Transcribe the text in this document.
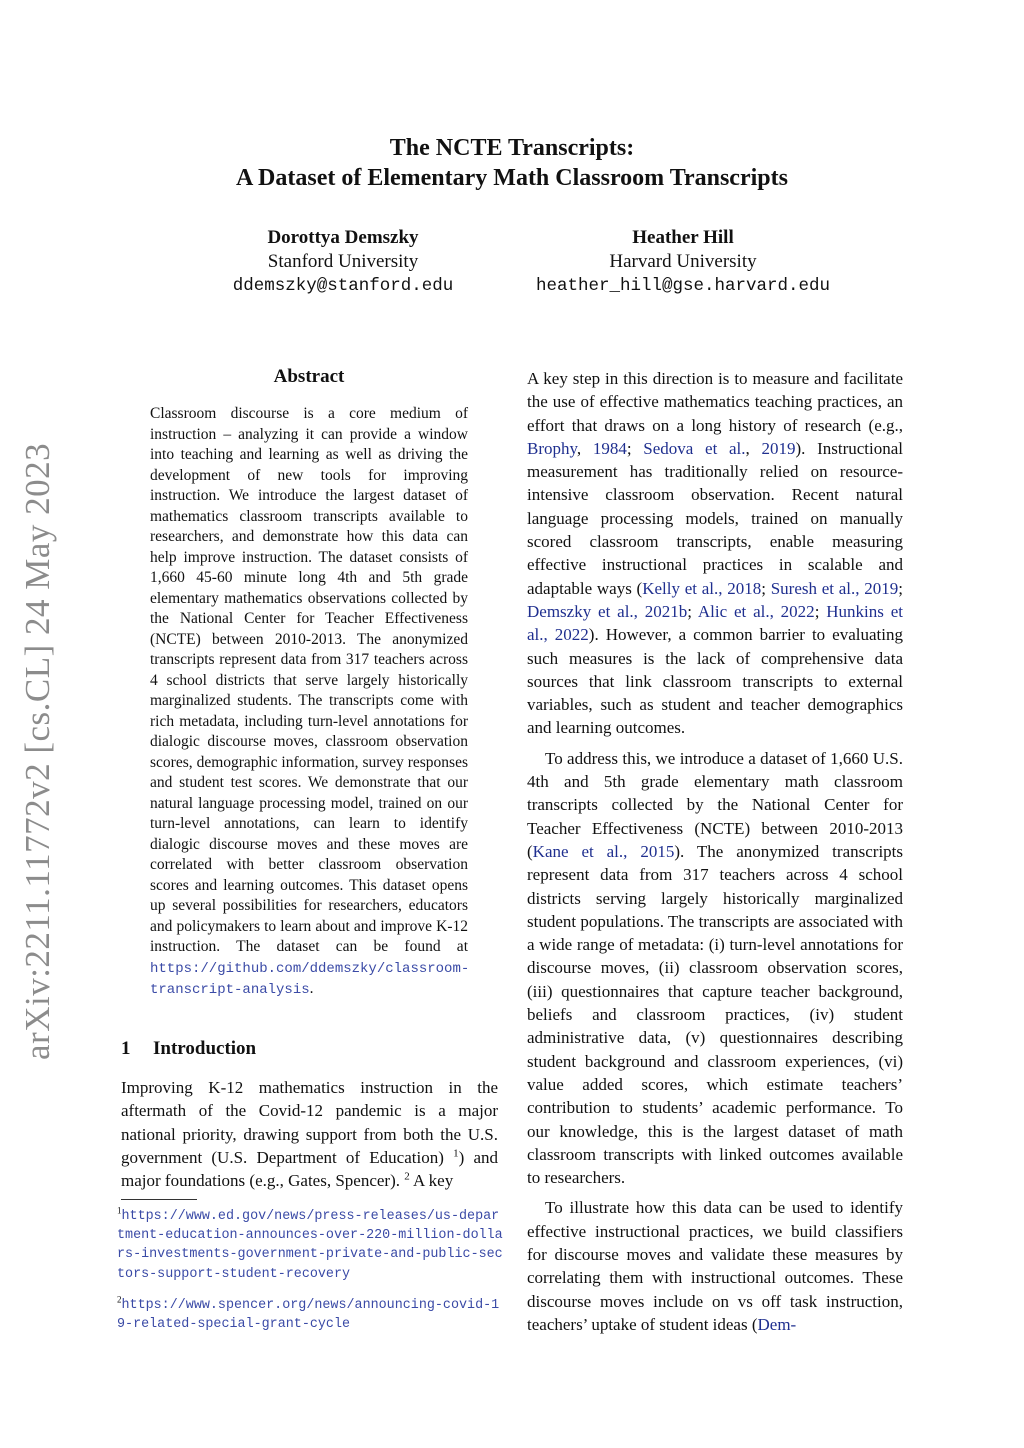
arXiv:2211.11772v2 [cs.CL] 24 May 2023
The NCTE Transcripts:
A Dataset of Elementary Math Classroom Transcripts
Dorottya Demszky
Stanford University
ddemszky@stanford.edu
Heather Hill
Harvard University
heather_hill@gse.harvard.edu
Abstract
Classroom discourse is a core medium of instruction – analyzing it can provide a window into teaching and learning as well as driving the development of new tools for improving instruction. We introduce the largest dataset of mathematics classroom transcripts available to researchers, and demonstrate how this data can help improve instruction. The dataset consists of 1,660 45-60 minute long 4th and 5th grade elementary mathematics observations collected by the National Center for Teacher Effectiveness (NCTE) between 2010-2013. The anonymized transcripts represent data from 317 teachers across 4 school districts that serve largely historically marginalized students. The transcripts come with rich metadata, including turn-level annotations for dialogic discourse moves, classroom observation scores, demographic information, survey responses and student test scores. We demonstrate that our natural language processing model, trained on our turn-level annotations, can learn to identify dialogic discourse moves and these moves are correlated with better classroom observation scores and learning outcomes. This dataset opens up several possibilities for researchers, educators and policymakers to learn about and improve K-12 instruction. The dataset can be found at https://github.com/ddemszky/classroom-transcript-analysis.
1 Introduction
Improving K-12 mathematics instruction in the aftermath of the Covid-12 pandemic is a major national priority, drawing support from both the U.S. government (U.S. Department of Education) $^1$) and major foundations (e.g., Gates, Spencer). $^2$ A key
$^1$https://www.ed.gov/news/press-releases/us-department-education-announces-over-220-million-dollars-investments-government-private-and-public-sectors-support-student-recovery
$^2$https://www.spencer.org/news/announcing-covid-19-related-special-grant-cycle

A key step in this direction is to measure and facilitate the use of effective mathematics teaching practices, an effort that draws on a long history of research (e.g., Brophy, 1984; Sedova et al., 2019). Instructional measurement has traditionally relied on resource-intensive classroom observation. Recent natural language processing models, trained on manually scored classroom transcripts, enable measuring effective instructional practices in scalable and adaptable ways (Kelly et al., 2018; Suresh et al., 2019; Demszky et al., 2021b; Alic et al., 2022; Hunkins et al., 2022). However, a common barrier to evaluating such measures is the lack of comprehensive data sources that link classroom transcripts to external variables, such as student and teacher demographics and learning outcomes.

To address this, we introduce a dataset of 1,660 U.S. 4th and 5th grade elementary math classroom transcripts collected by the National Center for Teacher Effectiveness (NCTE) between 2010-2013 (Kane et al., 2015). The anonymized transcripts represent data from 317 teachers across 4 school districts serving largely historically marginalized student populations. The transcripts are associated with a wide range of metadata: (i) turn-level annotations for discourse moves, (ii) classroom observation scores, (iii) questionnaires that capture teacher background, beliefs and classroom practices, (iv) student administrative data, (v) questionnaires describing student background and classroom experiences, (vi) value added scores, which estimate teachers’ contribution to students’ academic performance. To our knowledge, this is the largest dataset of math classroom transcripts with linked outcomes available to researchers.

To illustrate how this data can be used to identify effective instructional practices, we build classifiers for discourse moves and validate these measures by correlating them with instructional outcomes. These discourse moves include on vs off task instruction, teachers’ uptake of student ideas (Dem-
